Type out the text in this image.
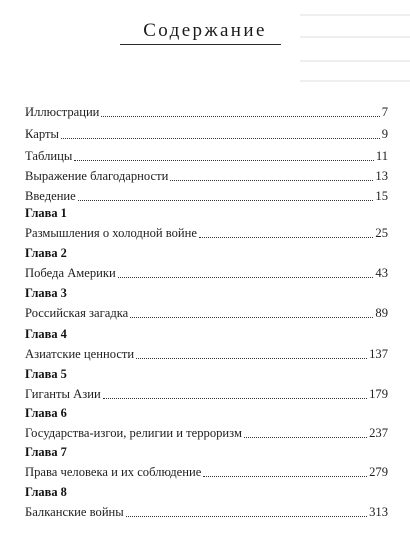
Содержание
Иллюстрации	7
Карты	9
Таблицы	11
Выражение благодарности	13
Введение	15
Глава 1
Размышления о холодной войне	25
Глава 2
Победа Америки	43
Глава 3
Российская загадка	89
Глава 4
Азиатские ценности	137
Глава 5
Гиганты Азии	179
Глава 6
Государства-изгои, религии и терроризм	237
Глава 7
Права человека и их соблюдение	279
Глава 8
Балканские войны	313
